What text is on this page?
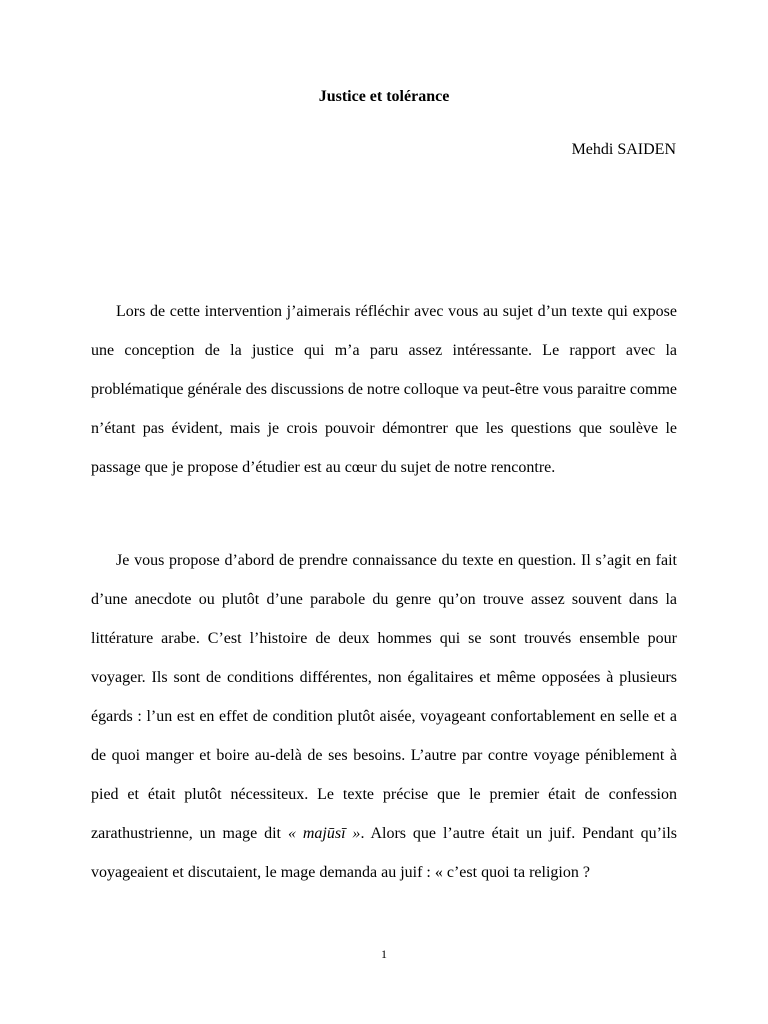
Justice et tolérance
Mehdi SAIDEN

Lors de cette intervention j’aimerais réfléchir avec vous au sujet d’un texte qui expose une conception de la justice qui m’a paru assez intéressante. Le rapport avec la problématique générale des discussions de notre colloque va peut-être vous paraitre comme n’étant pas évident, mais je crois pouvoir démontrer que les questions que soulève le passage que je propose d’étudier est au cœur du sujet de notre rencontre.

Je vous propose d’abord de prendre connaissance du texte en question. Il s’agit en fait d’une anecdote ou plutôt d’une parabole du genre qu’on trouve assez souvent dans la littérature arabe. C’est l’histoire de deux hommes qui se sont trouvés ensemble pour voyager. Ils sont de conditions différentes, non égalitaires et même opposées à plusieurs égards : l’un est en effet de condition plutôt aisée, voyageant confortablement en selle et a de quoi manger et boire au-delà de ses besoins. L’autre par contre voyage péniblement à pied et était plutôt nécessiteux. Le texte précise que le premier était de confession zarathustrienne, un mage dit « majūsī ». Alors que l’autre était un juif. Pendant qu’ils voyageaient et discutaient, le mage demanda au juif : « c’est quoi ta religion ?

1
